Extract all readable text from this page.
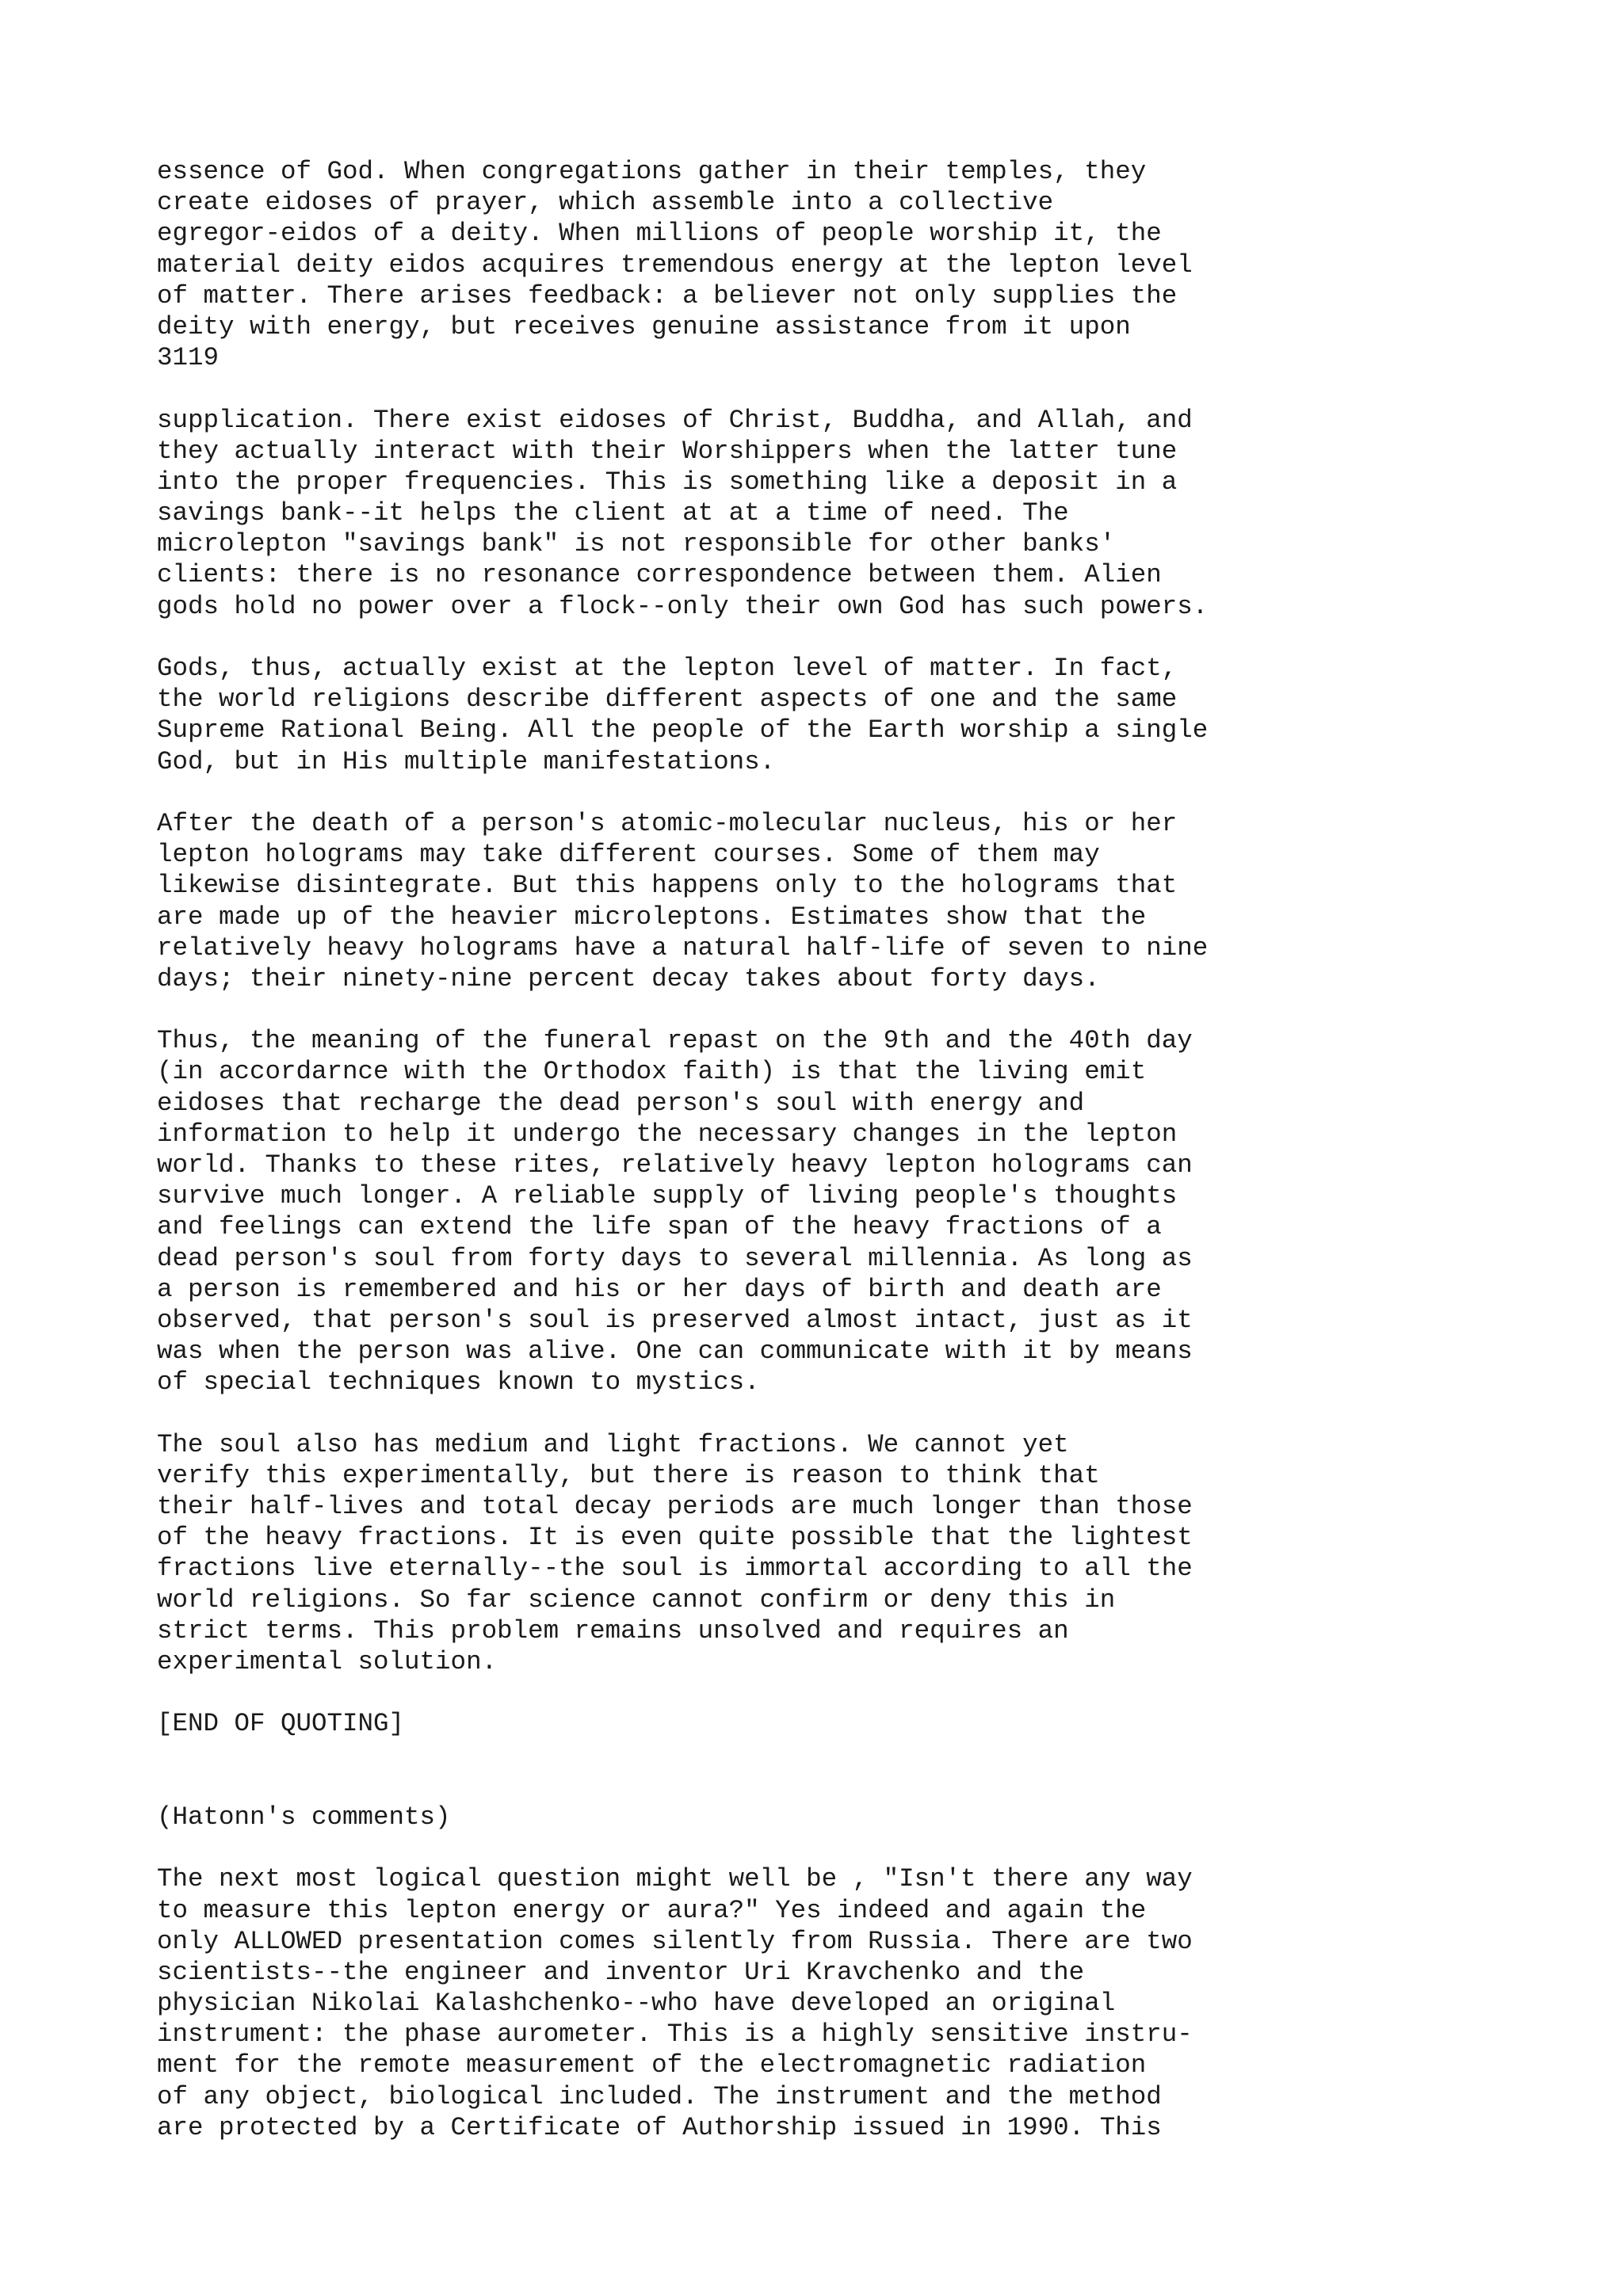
essence of God. When congregations gather in their temples, they
create eidoses of prayer, which assemble into a collective
egregor-eidos of a deity. When millions of people worship it, the
material deity eidos acquires tremendous energy at the lepton level
of matter. There arises feedback: a believer not only supplies the
deity with energy, but receives genuine assistance from it upon
3119
supplication. There exist eidoses of Christ, Buddha, and Allah, and
they actually interact with their Worshippers when the latter tune
into the proper frequencies. This is something like a deposit in a
savings bank--it helps the client at at a time of need. The
microlepton "savings bank" is not responsible for other banks'
clients: there is no resonance correspondence between them. Alien
gods hold no power over a flock--only their own God has such powers.
Gods, thus, actually exist at the lepton level of matter. In fact,
the world religions describe different aspects of one and the same
Supreme Rational Being. All the people of the Earth worship a single
God, but in His multiple manifestations.
After the death of a person's atomic-molecular nucleus, his or her
lepton holograms may take different courses. Some of them may
likewise disintegrate. But this happens only to the holograms that
are made up of the heavier microleptons. Estimates show that the
relatively heavy holograms have a natural half-life of seven to nine
days; their ninety-nine percent decay takes about forty days.
Thus, the meaning of the funeral repast on the 9th and the 40th day
(in accordarnce with the Orthodox faith) is that the living emit
eidoses that recharge the dead person's soul with energy and
information to help it undergo the necessary changes in the lepton
world. Thanks to these rites, relatively heavy lepton holograms can
survive much longer. A reliable supply of living people's thoughts
and feelings can extend the life span of the heavy fractions of a
dead person's soul from forty days to several millennia. As long as
a person is remembered and his or her days of birth and death are
observed, that person's soul is preserved almost intact, just as it
was when the person was alive. One can communicate with it by means
of special techniques known to mystics.
The soul also has medium and light fractions. We cannot yet
verify this experimentally, but there is reason to think that
their half-lives and total decay periods are much longer than those
of the heavy fractions. It is even quite possible that the lightest
fractions live eternally--the soul is immortal according to all the
world religions. So far science cannot confirm or deny this in
strict terms. This problem remains unsolved and requires an
experimental solution.
[END OF QUOTING]
(Hatonn's comments)
The next most logical question might well be , "Isn't there any way
to measure this lepton energy or aura?" Yes indeed and again the
only ALLOWED presentation comes silently from Russia. There are two
scientists--the engineer and inventor Uri Kravchenko and the
physician Nikolai Kalashchenko--who have developed an original
instrument: the phase aurometer. This is a highly sensitive instru-
ment for the remote measurement of the electromagnetic radiation
of any object, biological included. The instrument and the method
are protected by a Certificate of Authorship issued in 1990. This
